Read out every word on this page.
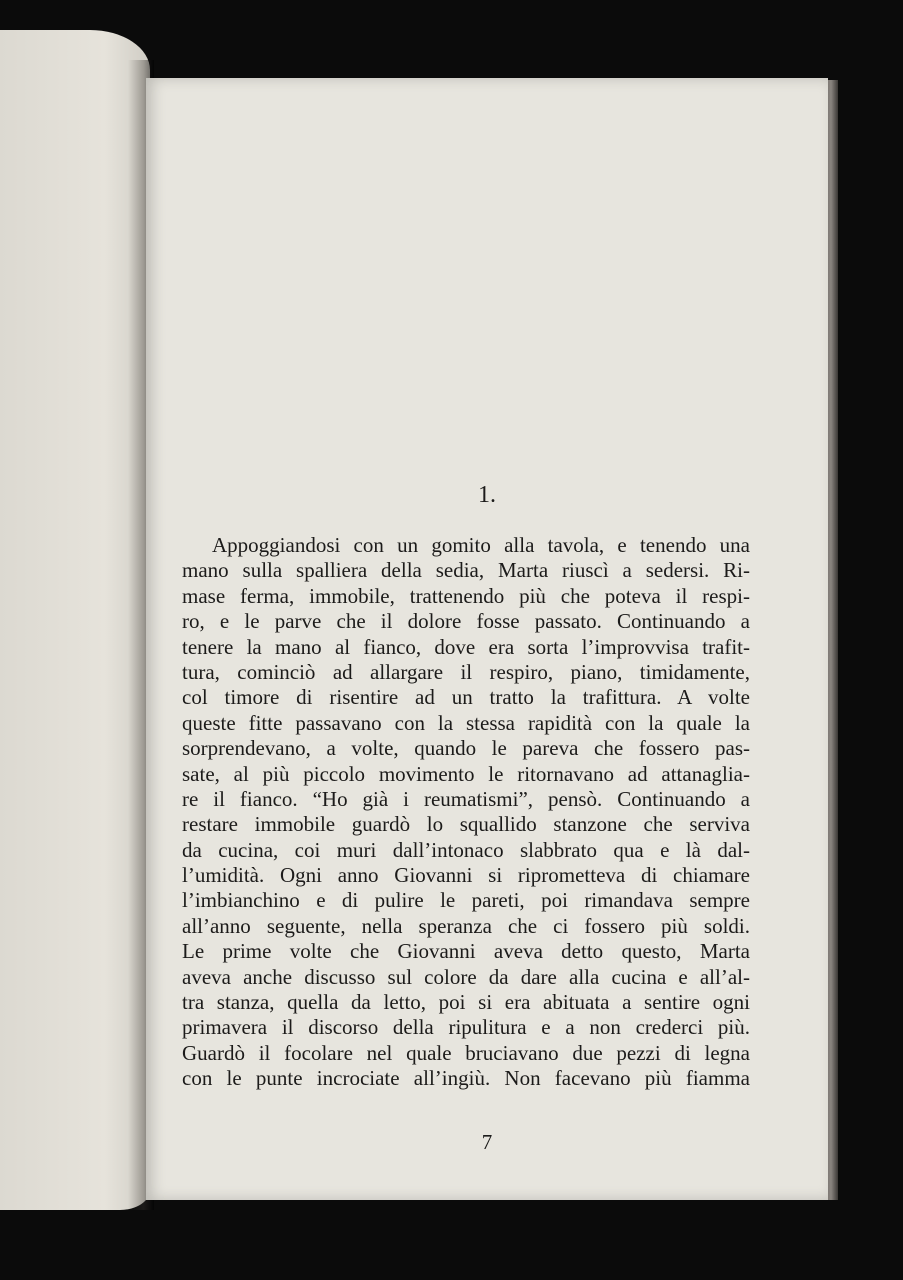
1.
Appoggiandosi con un gomito alla tavola, e tenendo una
mano sulla spalliera della sedia, Marta riuscì a sedersi. Ri-
mase ferma, immobile, trattenendo più che poteva il respi-
ro, e le parve che il dolore fosse passato. Continuando a
tenere la mano al fianco, dove era sorta l’improvvisa trafit-
tura, cominciò ad allargare il respiro, piano, timidamente,
col timore di risentire ad un tratto la trafittura. A volte
queste fitte passavano con la stessa rapidità con la quale la
sorprendevano, a volte, quando le pareva che fossero pas-
sate, al più piccolo movimento le ritornavano ad attanaglia-
re il fianco. “Ho già i reumatismi”, pensò. Continuando a
restare immobile guardò lo squallido stanzone che serviva
da cucina, coi muri dall’intonaco slabbrato qua e là dal-
l’umidità. Ogni anno Giovanni si riprometteva di chiamare
l’imbianchino e di pulire le pareti, poi rimandava sempre
all’anno seguente, nella speranza che ci fossero più soldi.
Le prime volte che Giovanni aveva detto questo, Marta
aveva anche discusso sul colore da dare alla cucina e all’al-
tra stanza, quella da letto, poi si era abituata a sentire ogni
primavera il discorso della ripulitura e a non crederci più.
Guardò il focolare nel quale bruciavano due pezzi di legna
con le punte incrociate all’ingiù. Non facevano più fiamma
7
